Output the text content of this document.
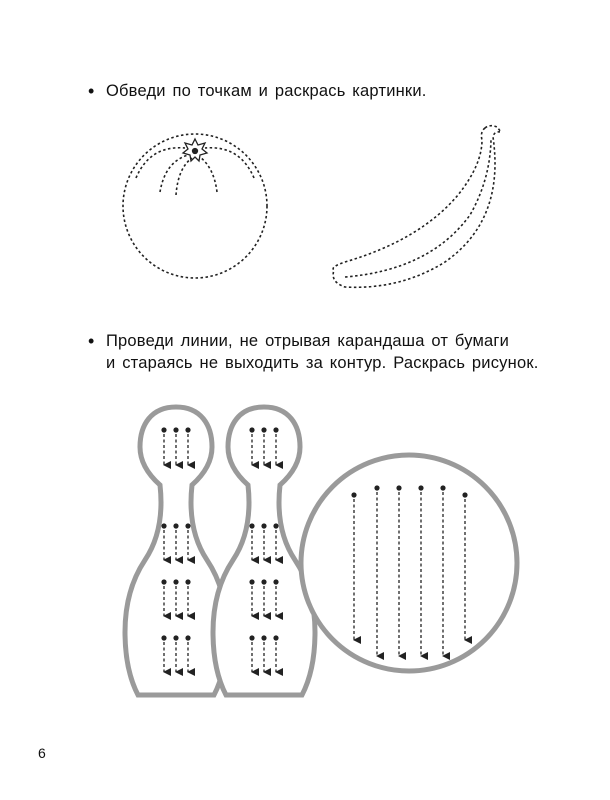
• Обведи по точкам и раскрась картинки.
• Проведи линии, не отрывая карандаша от бумаги
и стараясь не выходить за контур. Раскрась рисунок.
6
